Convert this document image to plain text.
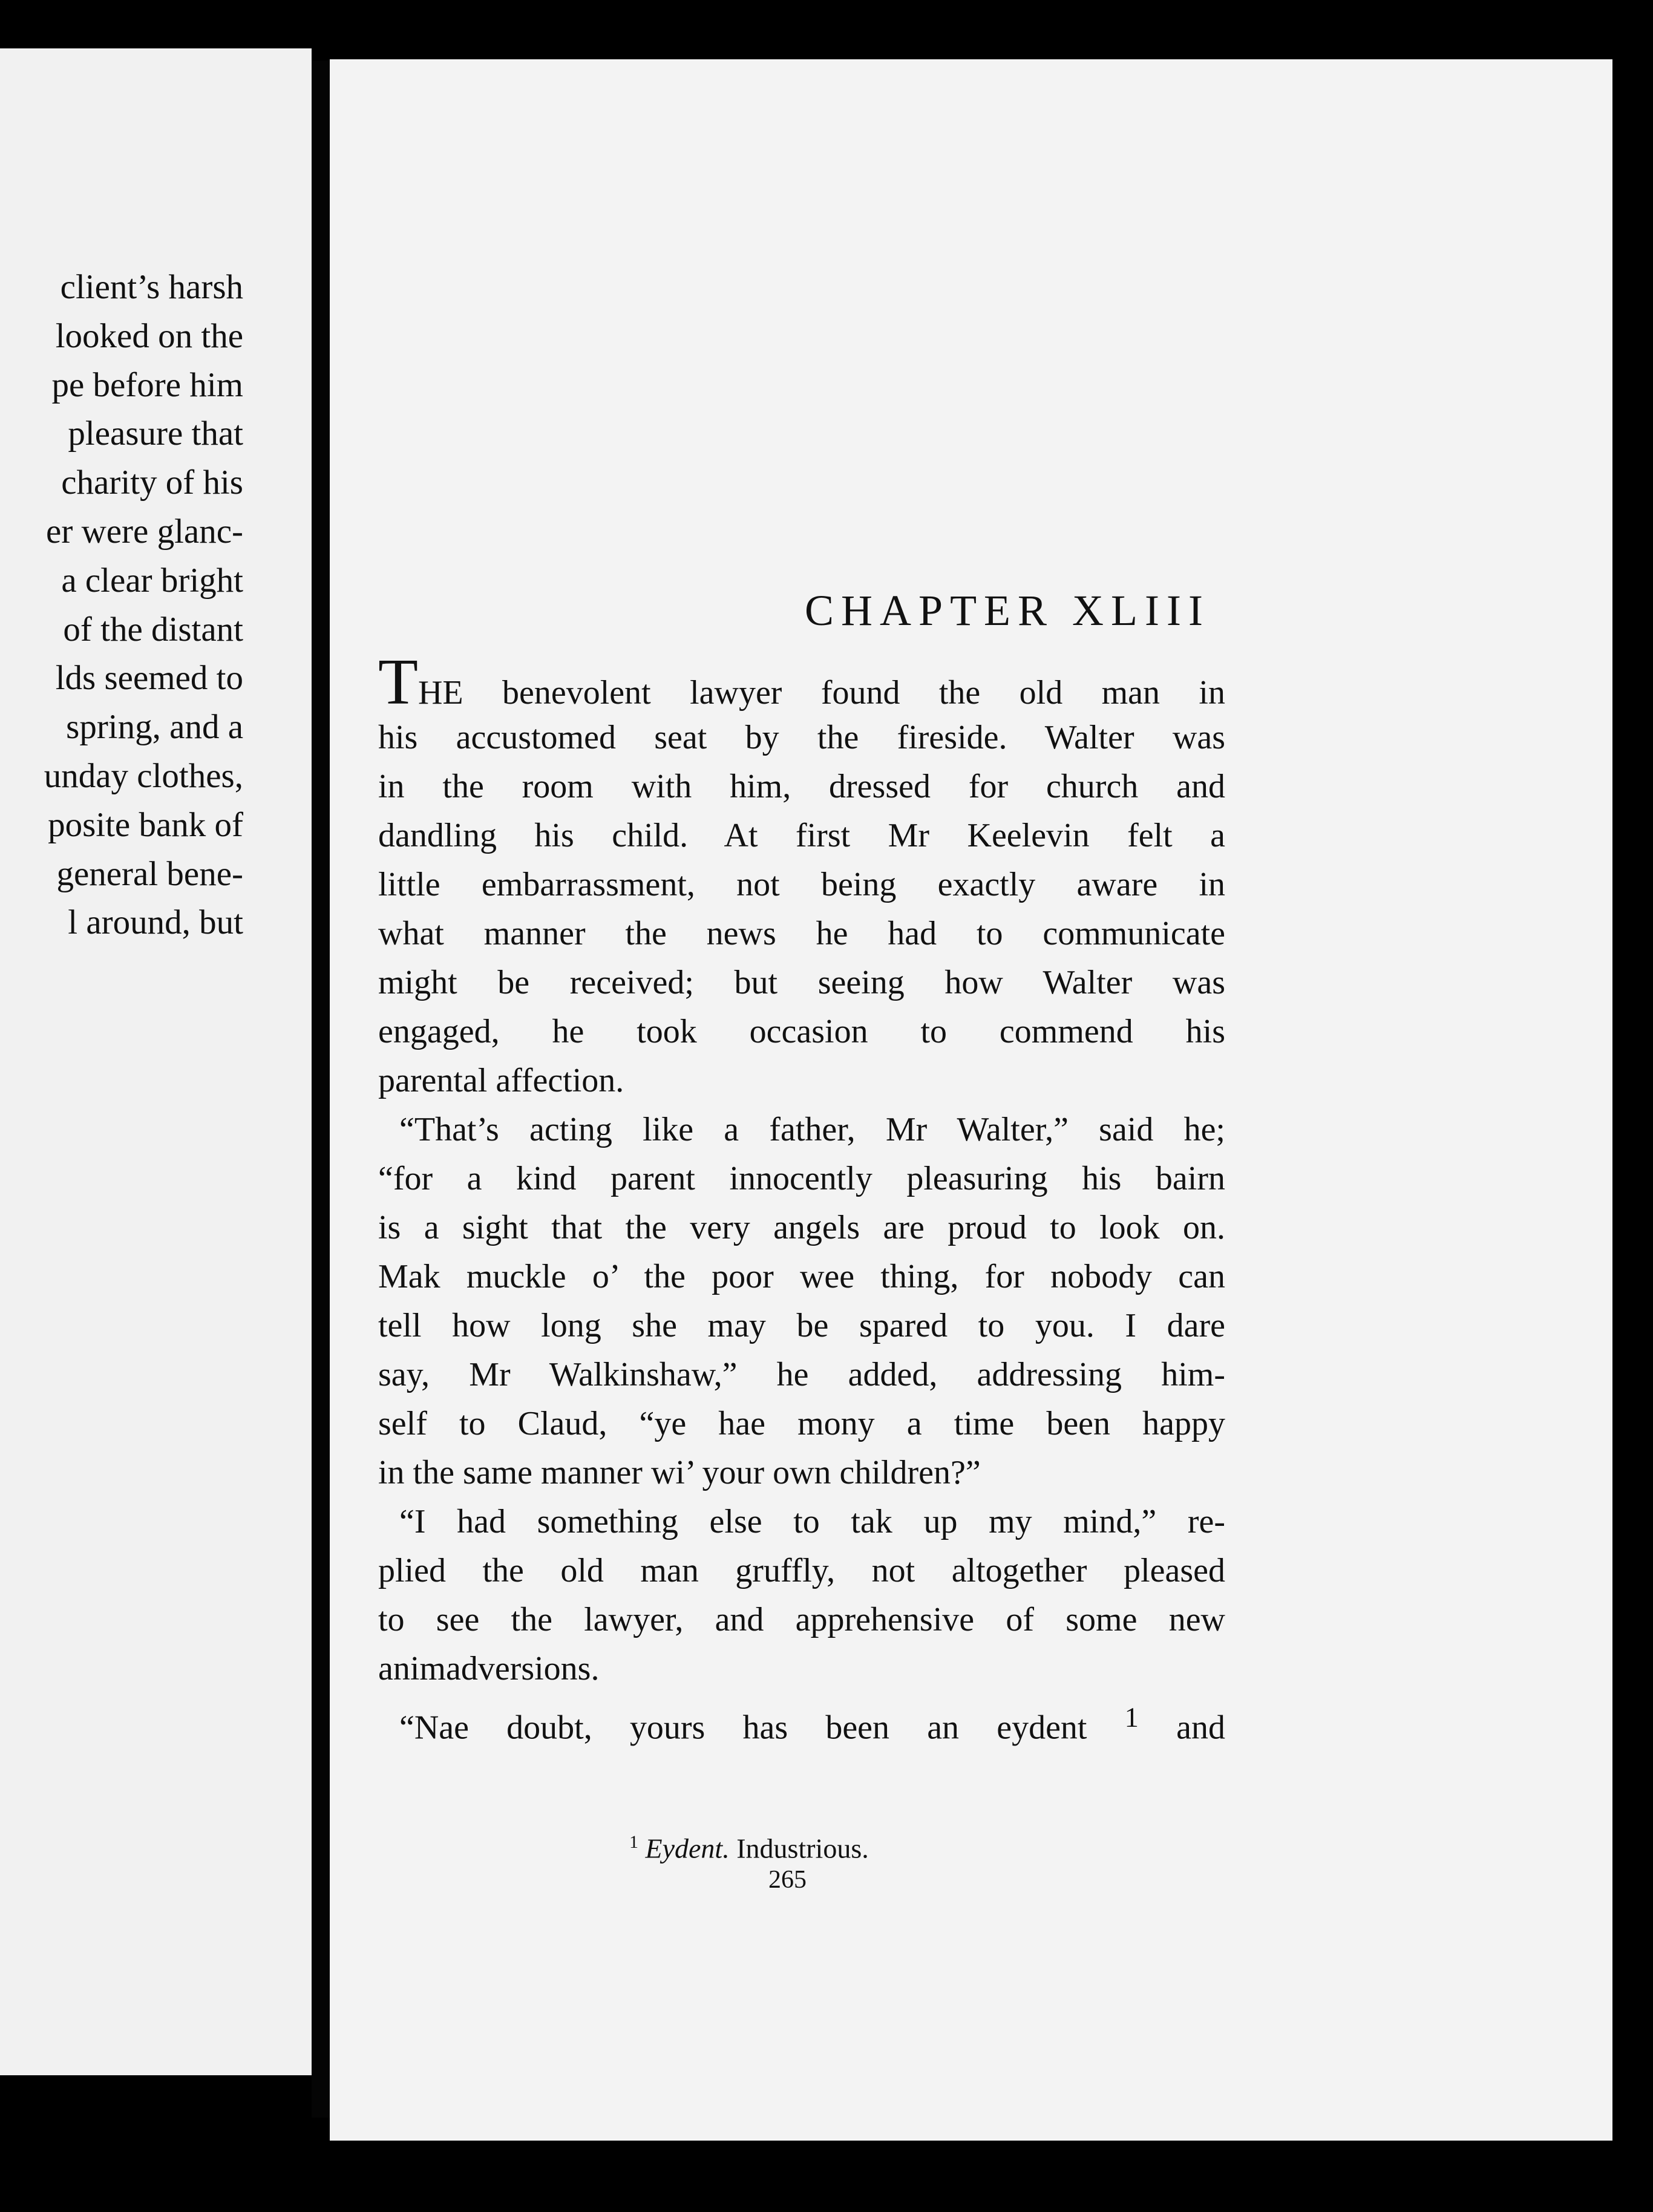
client’s harsh
looked on the
pe before him
pleasure that
charity of his
er were glanc-
a clear bright
of the distant
lds seemed to
spring, and a
unday clothes,
posite bank of
general bene-
l around, but
CHAPTER XLIII
THE benevolent lawyer found the old man in
his accustomed seat by the fireside. Walter was
in the room with him, dressed for church and
dandling his child. At first Mr Keelevin felt a
little embarrassment, not being exactly aware in
what manner the news he had to communicate
might be received; but seeing how Walter was
engaged, he took occasion to commend his
parental affection.
“That’s acting like a father, Mr Walter,” said he;
“for a kind parent innocently pleasuring his bairn
is a sight that the very angels are proud to look on.
Mak muckle o’ the poor wee thing, for nobody can
tell how long she may be spared to you. I dare
say, Mr Walkinshaw,” he added, addressing him-
self to Claud, “ye hae mony a time been happy
in the same manner wi’ your own children?”
“I had something else to tak up my mind,” re-
plied the old man gruffly, not altogether pleased
to see the lawyer, and apprehensive of some new
animadversions.
“Nae doubt, yours has been an eydent $^1$ and
$^1$ Eydent. Industrious.
265
